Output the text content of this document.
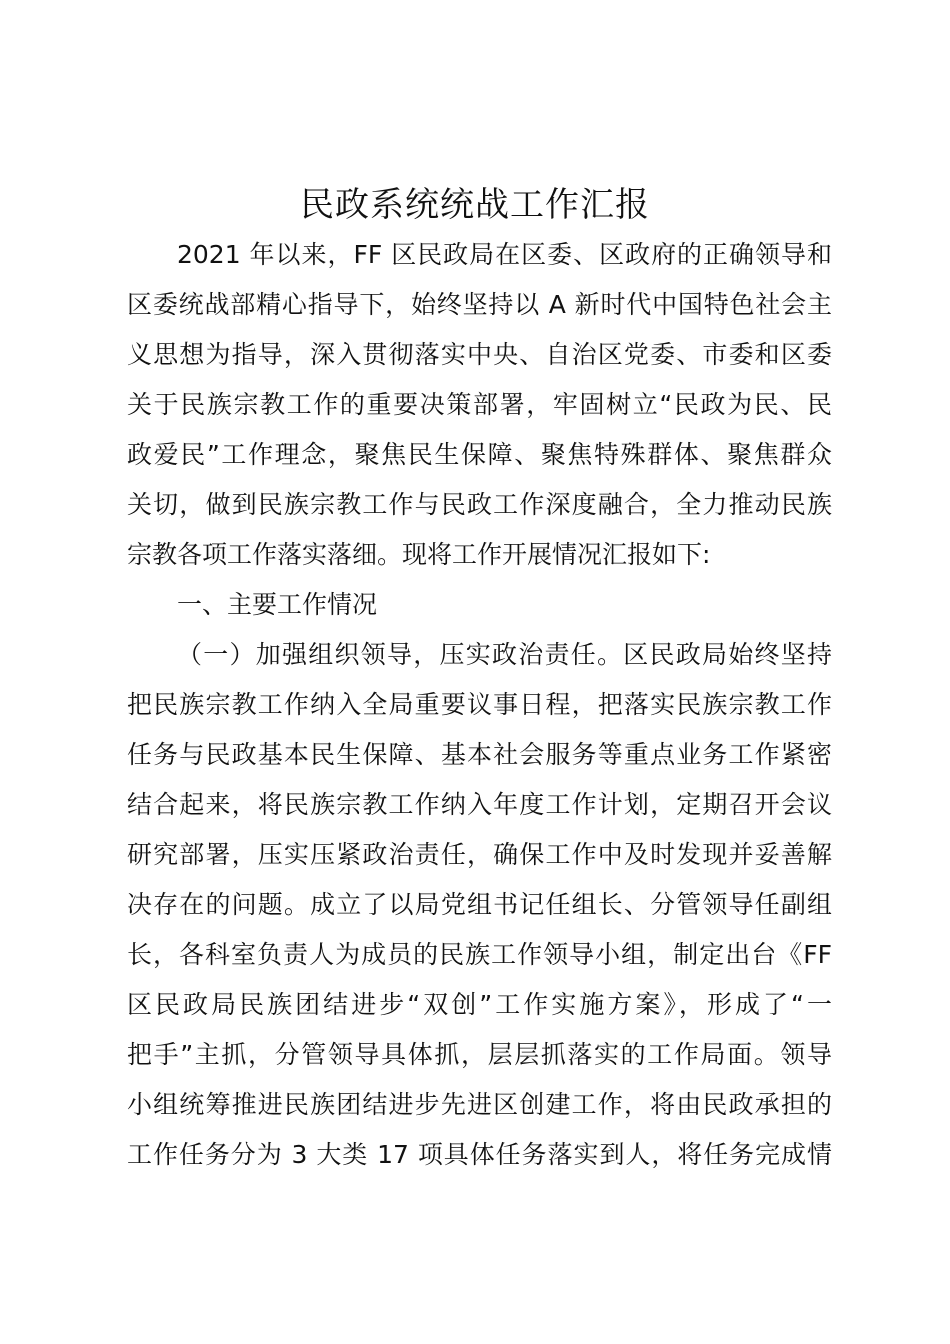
民政系统统战工作汇报
2021 年以来，FF 区民政局在区委、区政府的正确领导和
区委统战部精心指导下，始终坚持以 A 新时代中国特色社会主
义思想为指导，深入贯彻落实中央、自治区党委、市委和区委
关于民族宗教工作的重要决策部署，牢固树立“民政为民、民
政爱民”工作理念，聚焦民生保障、聚焦特殊群体、聚焦群众
关切，做到民族宗教工作与民政工作深度融合，全力推动民族
宗教各项工作落实落细。现将工作开展情况汇报如下:
一、主要工作情况
（一）加强组织领导，压实政治责任。区民政局始终坚持
把民族宗教工作纳入全局重要议事日程，把落实民族宗教工作
任务与民政基本民生保障、基本社会服务等重点业务工作紧密
结合起来，将民族宗教工作纳入年度工作计划，定期召开会议
研究部署，压实压紧政治责任，确保工作中及时发现并妥善解
决存在的问题。成立了以局党组书记任组长、分管领导任副组
长，各科室负责人为成员的民族工作领导小组，制定出台《FF
区民政局民族团结进步“双创”工作实施方案》，形成了“一
把手”主抓，分管领导具体抓，层层抓落实的工作局面。领导
小组统筹推进民族团结进步先进区创建工作，将由民政承担的
工作任务分为 3 大类 17 项具体任务落实到人，将任务完成情
